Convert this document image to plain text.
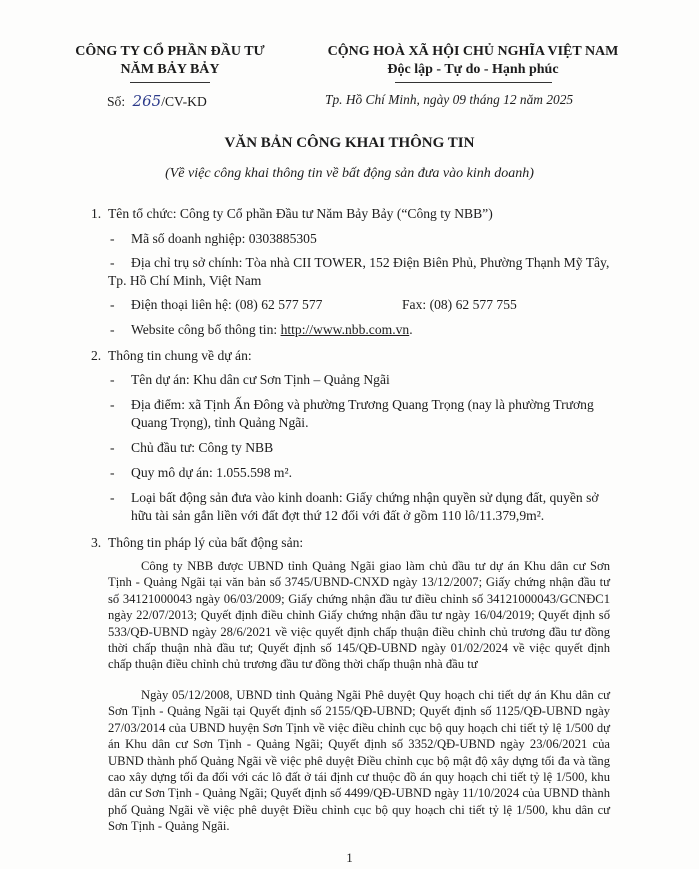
CÔNG TY CỔ PHẦN ĐẦU TƯ
NĂM BẢY BẢY
Số: 265/CV-KD
CỘNG HOÀ XÃ HỘI CHỦ NGHĨA VIỆT NAM
Độc lập - Tự do - Hạnh phúc
Tp. Hồ Chí Minh, ngày 09 tháng 12 năm 2025
VĂN BẢN CÔNG KHAI THÔNG TIN
(Về việc công khai thông tin về bất động sản đưa vào kinh doanh)
1. Tên tổ chức: Công ty Cổ phần Đầu tư Năm Bảy Bảy (“Công ty NBB”)
- Mã số doanh nghiệp: 0303885305
- Địa chỉ trụ sở chính: Tòa nhà CII TOWER, 152 Điện Biên Phủ, Phường Thạnh Mỹ Tây,
Tp. Hồ Chí Minh, Việt Nam
- Điện thoại liên hệ: (08) 62 577 577	Fax: (08) 62 577 755
- Website công bố thông tin: http://www.nbb.com.vn.
2. Thông tin chung về dự án:
- Tên dự án: Khu dân cư Sơn Tịnh – Quảng Ngãi
- Địa điểm: xã Tịnh Ấn Đông và phường Trương Quang Trọng (nay là phường Trương
Quang Trọng), tỉnh Quảng Ngãi.
- Chủ đầu tư: Công ty NBB
- Quy mô dự án: 1.055.598 m².
- Loại bất động sản đưa vào kinh doanh: Giấy chứng nhận quyền sử dụng đất, quyền sở
hữu tài sản gắn liền với đất đợt thứ 12 đối với đất ở gồm 110 lô/11.379,9m².
3. Thông tin pháp lý của bất động sản:
Công ty NBB được UBND tỉnh Quảng Ngãi giao làm chủ đầu tư dự án Khu dân cư Sơn Tịnh - Quảng Ngãi tại văn bản số 3745/UBND-CNXD ngày 13/12/2007; Giấy chứng nhận đầu tư số 34121000043 ngày 06/03/2009; Giấy chứng nhận đầu tư điều chỉnh số 34121000043/GCNĐC1 ngày 22/07/2013; Quyết định điều chỉnh Giấy chứng nhận đầu tư ngày 16/04/2019; Quyết định số 533/QĐ-UBND ngày 28/6/2021 về việc quyết định chấp thuận điều chỉnh chủ trương đầu tư đồng thời chấp thuận nhà đầu tư; Quyết định số 145/QĐ-UBND ngày 01/02/2024 về việc quyết định chấp thuận điều chỉnh chủ trương đầu tư đồng thời chấp thuận nhà đầu tư
Ngày 05/12/2008, UBND tỉnh Quảng Ngãi Phê duyệt Quy hoạch chi tiết dự án Khu dân cư Sơn Tịnh - Quảng Ngãi tại Quyết định số 2155/QĐ-UBND; Quyết định số 1125/QĐ-UBND ngày 27/03/2014 của UBND huyện Sơn Tịnh về việc điều chỉnh cục bộ quy hoạch chi tiết tỷ lệ 1/500 dự án Khu dân cư Sơn Tịnh - Quảng Ngãi; Quyết định số 3352/QĐ-UBND ngày 23/06/2021 của UBND thành phố Quảng Ngãi về việc phê duyệt Điều chỉnh cục bộ mật độ xây dựng tối đa và tầng cao xây dựng tối đa đối với các lô đất ở tái định cư thuộc đồ án quy hoạch chi tiết tỷ lệ 1/500, khu dân cư Sơn Tịnh - Quảng Ngãi; Quyết định số 4499/QĐ-UBND ngày 11/10/2024 của UBND thành phố Quảng Ngãi về việc phê duyệt Điều chỉnh cục bộ quy hoạch chi tiết tỷ lệ 1/500, khu dân cư Sơn Tịnh - Quảng Ngãi.
1
